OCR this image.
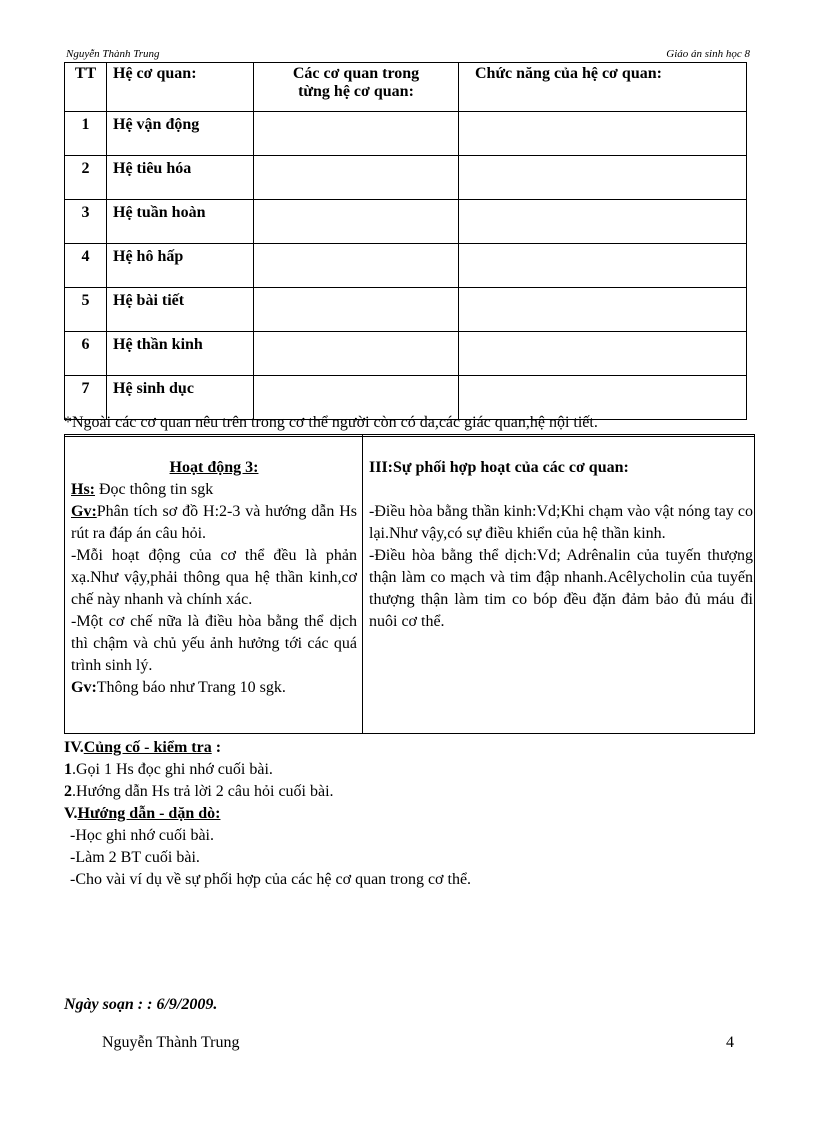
Nguyễn Thành Trung	Giáo án sinh học 8
TT	Hệ cơ quan:	Các cơ quan trong
từng hệ cơ quan:	Chức năng của hệ cơ quan:
1	Hệ vận động		
2	Hệ tiêu hóa		
3	Hệ tuần hoàn		
4	Hệ hô hấp		
5	Hệ bài tiết		
6	Hệ thần kinh		
7	Hệ sinh dục		
*Ngoài các cơ quan nêu trên trong cơ thể người còn có da,các giác quan,hệ nội tiết.

Hoạt động 3:

Hs: Đọc thông tin sgk

Gv:Phân tích sơ đồ H:2-3 và hướng dẫn Hs rút ra đáp án câu hỏi.

-Mỗi hoạt động của cơ thể đều là phản xạ.Như vậy,phải thông qua hệ thần kinh,cơ chế này nhanh và chính xác.

-Một cơ chế nữa là điều hòa bằng thể dịch thì chậm và chủ yếu ảnh hưởng tới các quá trình sinh lý.

Gv:Thông báo như Trang 10 sgk.

III:Sự phối hợp hoạt của các cơ quan:

-Điều hòa bằng thần kinh:Vd;Khi chạm vào vật nóng tay co lại.Như vậy,có sự điều khiển của hệ thần kinh.

-Điều hòa bằng thể dịch:Vd; Adrênalin của tuyến thượng thận làm co mạch và tim đập nhanh.Acêlycholin của tuyến thượng thận làm tim co bóp đều đặn đảm bảo đủ máu đi nuôi cơ thể.

IV.Củng cố - kiểm tra :

1.Gọi 1 Hs đọc ghi nhớ cuối bài.

2.Hướng dẫn Hs trả lời 2 câu hỏi cuối bài.

V.Hướng dẫn - dặn dò:

-Học ghi nhớ cuối bài.

-Làm 2 BT cuối bài.

-Cho vài ví dụ về sự phối hợp của các hệ cơ quan trong cơ thể.

Ngày soạn : : 6/9/2009.
Nguyễn Thành Trung	4
